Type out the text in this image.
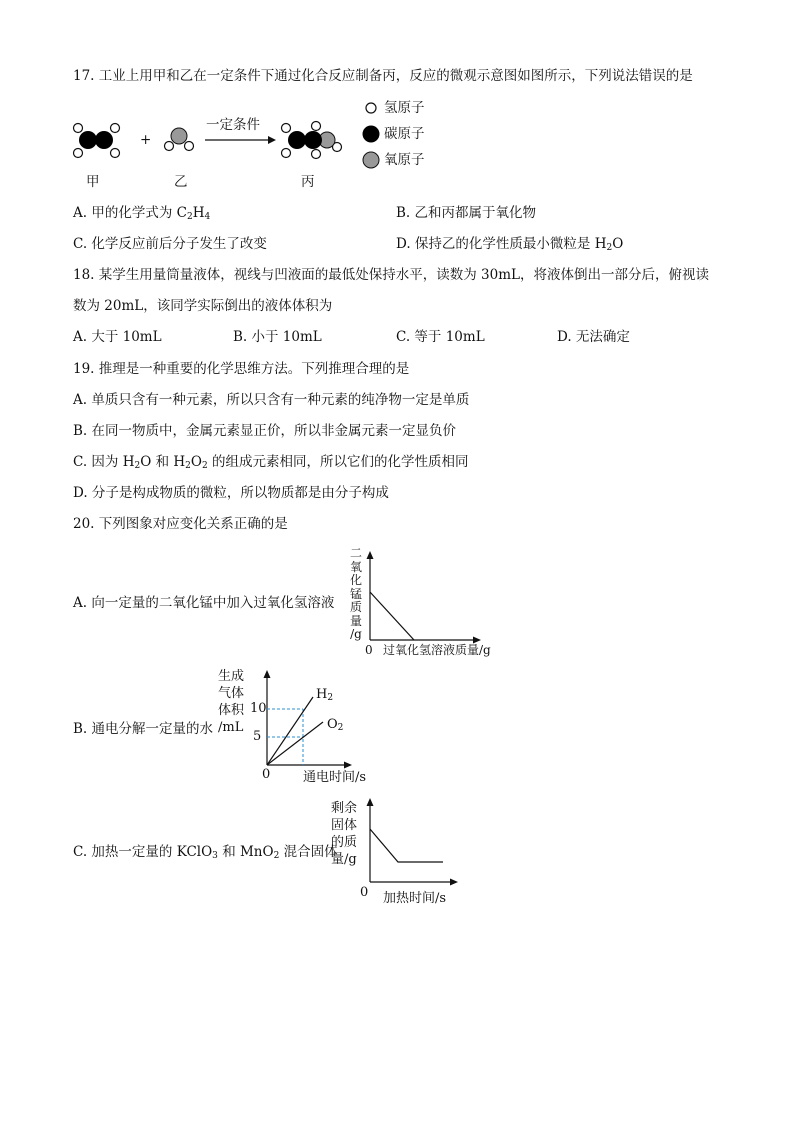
17. 工业上用甲和乙在一定条件下通过化合反应制备丙，反应的微观示意图如图所示，下列说法错误的是
+
一定条件
甲	乙	丙
氢原子
碳原子
氧原子
A. 甲的化学式为 $C_2H_4$	B. 乙和丙都属于氧化物
C. 化学反应前后分子发生了改变	D. 保持乙的化学性质最小微粒是 $H_2O$
18. 某学生用量筒量液体，视线与凹液面的最低处保持水平，读数为 30mL，将液体倒出一部分后，俯视读
数为 20mL，该同学实际倒出的液体体积为
A. 大于 10mL	B. 小于 10mL	C. 等于 10mL	D. 无法确定
19. 推理是一种重要的化学思维方法。下列推理合理的是
A. 单质只含有一种元素，所以只含有一种元素的纯净物一定是单质
B. 在同一物质中，金属元素显正价，所以非金属元素一定显负价
C. 因为 $H_2O$ 和 $H_2O_2$ 的组成元素相同，所以它们的化学性质相同
D. 分子是构成物质的微粒，所以物质都是由分子构成
20. 下列图象对应变化关系正确的是
A. 向一定量的二氧化锰中加入过氧化氢溶液
二
氧
化
锰
质
量
/g
0 过氧化氢溶液质量/g
B. 通电分解一定量的水
生成
气体
体积
/mL
10
5
$H_2$
$O_2$
0	通电时间/s
C. 加热一定量的 KClO$_3$ 和 MnO$_2$ 混合固体
剩余
固体
的质
量/g
0 加热时间/s
